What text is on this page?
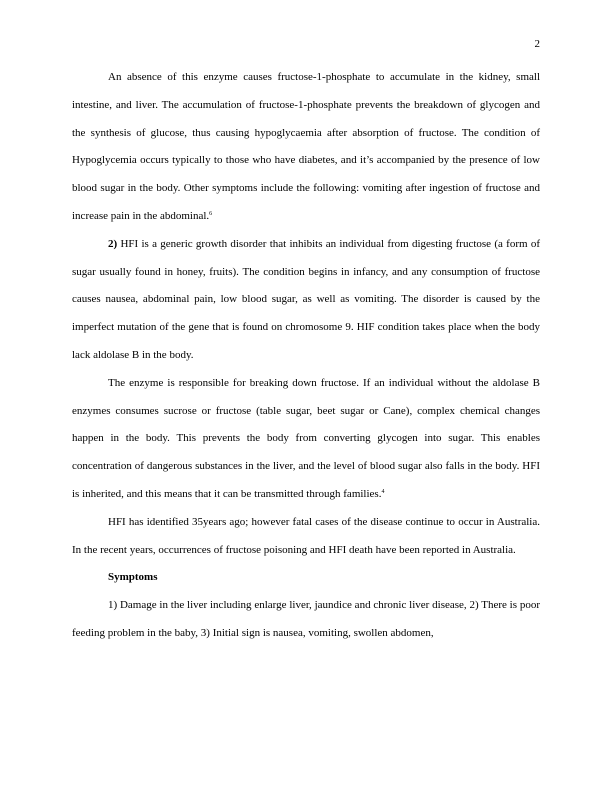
2

An absence of this enzyme causes fructose-1-phosphate to accumulate in the kidney, small intestine, and liver. The accumulation of fructose-1-phosphate prevents the breakdown of glycogen and the synthesis of glucose, thus causing hypoglycaemia after absorption of fructose. The condition of Hypoglycemia occurs typically to those who have diabetes, and it’s accompanied by the presence of low blood sugar in the body. Other symptoms include the following: vomiting after ingestion of fructose and increase pain in the abdominal.$^6$

2) HFI is a generic growth disorder that inhibits an individual from digesting fructose (a form of sugar usually found in honey, fruits). The condition begins in infancy, and any consumption of fructose causes nausea, abdominal pain, low blood sugar, as well as vomiting. The disorder is caused by the imperfect mutation of the gene that is found on chromosome 9. HIF condition takes place when the body lack aldolase B in the body.

The enzyme is responsible for breaking down fructose. If an individual without the aldolase B enzymes consumes sucrose or fructose (table sugar, beet sugar or Cane), complex chemical changes happen in the body. This prevents the body from converting glycogen into sugar. This enables concentration of dangerous substances in the liver, and the level of blood sugar also falls in the body. HFI is inherited, and this means that it can be transmitted through families.$^4$

HFI has identified 35years ago; however fatal cases of the disease continue to occur in Australia. In the recent years, occurrences of fructose poisoning and HFI death have been reported in Australia.

Symptoms

1) Damage in the liver including enlarge liver, jaundice and chronic liver disease, 2) There is poor feeding problem in the baby, 3) Initial sign is nausea, vomiting, swollen abdomen,
